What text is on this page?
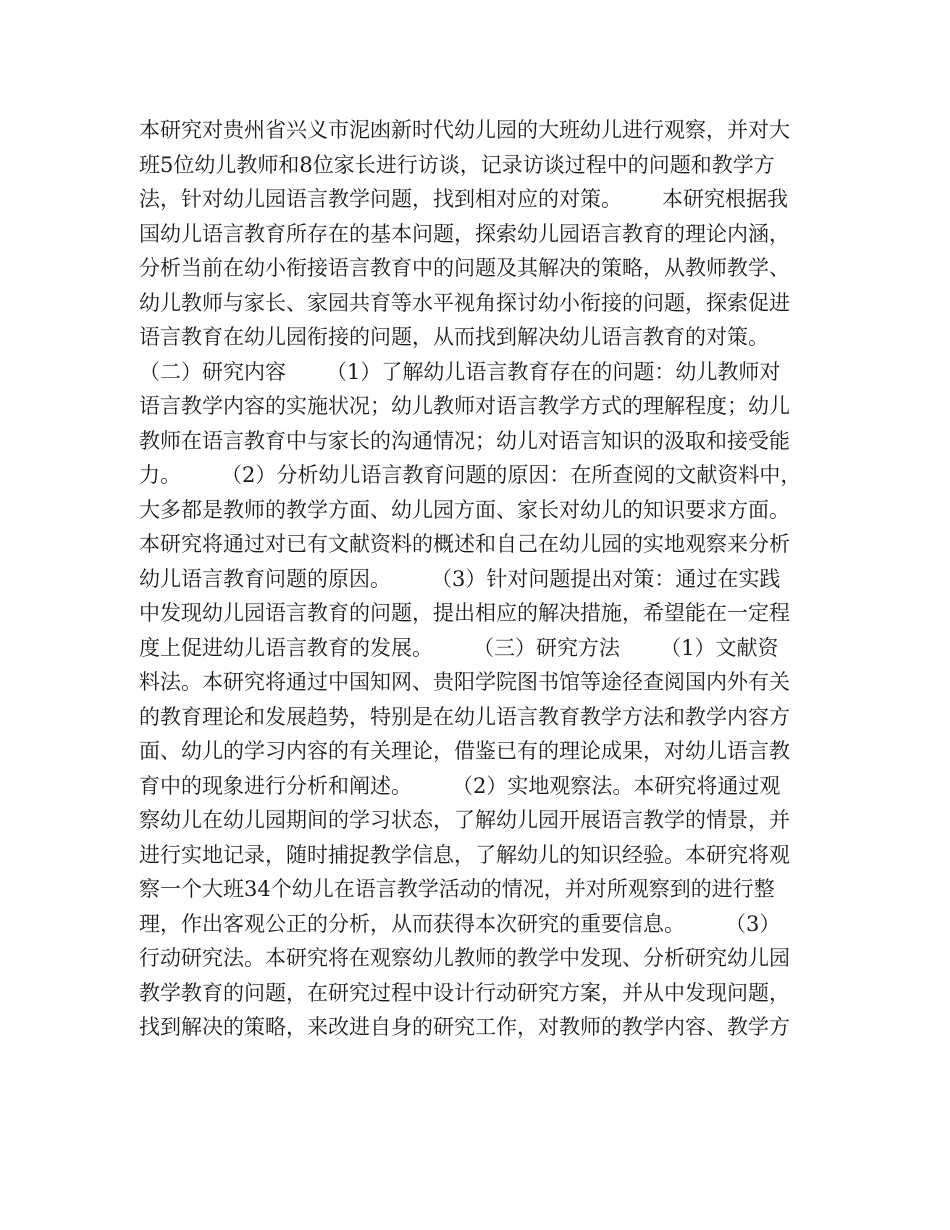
本研究对贵州省兴义市泥凼新时代幼儿园的大班幼儿进行观察，并对大
班5位幼儿教师和8位家长进行访谈，记录访谈过程中的问题和教学方
法，针对幼儿园语言教学问题，找到相对应的对策。      本研究根据我
国幼儿语言教育所存在的基本问题，探索幼儿园语言教育的理论内涵，
分析当前在幼小衔接语言教育中的问题及其解决的策略，从教师教学、
幼儿教师与家长、家园共育等水平视角探讨幼小衔接的问题，探索促进
语言教育在幼儿园衔接的问题，从而找到解决幼儿语言教育的对策。
（二）研究内容      （1）了解幼儿语言教育存在的问题：幼儿教师对
语言教学内容的实施状况；幼儿教师对语言教学方式的理解程度；幼儿
教师在语言教育中与家长的沟通情况；幼儿对语言知识的汲取和接受能
力。      （2）分析幼儿语言教育问题的原因：在所查阅的文献资料中，
大多都是教师的教学方面、幼儿园方面、家长对幼儿的知识要求方面。
本研究将通过对已有文献资料的概述和自己在幼儿园的实地观察来分析
幼儿语言教育问题的原因。      （3）针对问题提出对策：通过在实践
中发现幼儿园语言教育的问题，提出相应的解决措施，希望能在一定程
度上促进幼儿语言教育的发展。      （三）研究方法      （1）文献资
料法。本研究将通过中国知网、贵阳学院图书馆等途径查阅国内外有关
的教育理论和发展趋势，特别是在幼儿语言教育教学方法和教学内容方
面、幼儿的学习内容的有关理论，借鉴已有的理论成果，对幼儿语言教
育中的现象进行分析和阐述。      （2）实地观察法。本研究将通过观
察幼儿在幼儿园期间的学习状态，了解幼儿园开展语言教学的情景，并
进行实地记录，随时捕捉教学信息，了解幼儿的知识经验。本研究将观
察一个大班34个幼儿在语言教学活动的情况，并对所观察到的进行整
理，作出客观公正的分析，从而获得本次研究的重要信息。      （3）
行动研究法。本研究将在观察幼儿教师的教学中发现、分析研究幼儿园
教学教育的问题，在研究过程中设计行动研究方案，并从中发现问题，
找到解决的策略，来改进自身的研究工作，对教师的教学内容、教学方
